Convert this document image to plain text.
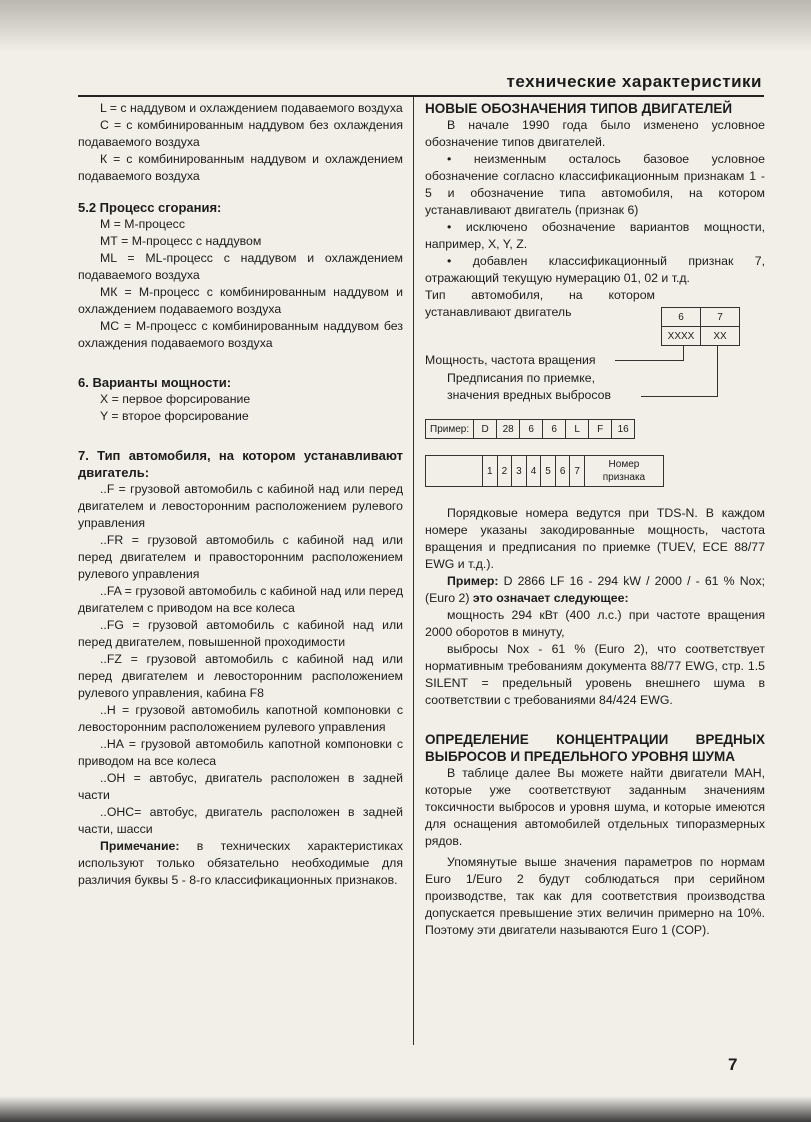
технические характеристики

L = с наддувом и охлаждением подаваемого воздуха

С = с комбинированным наддувом без охлаждения подаваемого воздуха

К = с комбинированным наддувом и охлаждением подаваемого воздуха

5.2 Процесс сгорания:

М = М-процесс

МТ = М-процесс с наддувом

ML = ML-процесс с наддувом и охлаждением подаваемого воздуха

МК = М-процесс с комбинированным наддувом и охлаждением подаваемого воздуха

МС = М-процесс с комбинированным наддувом без охлаждения подаваемого воздуха

6. Варианты мощности:

Х = первое форсирование

Y = второе форсирование

7. Тип автомобиля, на котором устанавливают двигатель:

..F = грузовой автомобиль с кабиной над или перед двигателем и левосторонним расположением рулевого управления

..FR = грузовой автомобиль с кабиной над или перед двигателем и правосторонним расположением рулевого управления

..FA = грузовой автомобиль с кабиной над или перед двигателем с приводом на все колеса

..FG = грузовой автомобиль с кабиной над или перед двигателем, повышенной проходимости

..FZ = грузовой автомобиль с кабиной над или перед двигателем и левосторонним расположением рулевого управления, кабина F8

..Н = грузовой автомобиль капотной компоновки с левосторонним расположением рулевого управления

..НА = грузовой автомобиль капотной компоновки с приводом на все колеса

..ОН = автобус, двигатель расположен в задней части

..ОНС= автобус, двигатель расположен в задней части, шасси

Примечание: в технических характеристиках используют только обязательно необходимые для различия буквы 5 - 8-го классификационных признаков.

НОВЫЕ ОБОЗНАЧЕНИЯ ТИПОВ ДВИГАТЕЛЕЙ

В начале 1990 года было изменено условное обозначение типов двигателей.

• неизменным осталось базовое условное обозначение согласно классификационным признакам 1 - 5 и обозначение типа автомобиля, на котором устанавливают двигатель (признак 6)

• исключено обозначение вариантов мощности, например, X, Y, Z.

• добавлен классификационный признак 7, отражающий текущую нумерацию 01, 02 и т.д.

Тип автомобиля, на котором устанавливают двигатель	6	7
XXXX	XX
Мощность, частота вращения
Предписания по приемке, значения вредных выбросов
Пример:	D	28	6	6	L	F	16
	1	2	3	4	5	6	7	Номер признака

Порядковые номера ведутся при TDS-N. В каждом номере указаны закодированные мощность, частота вращения и предписания по приемке (TUEV, ECE 88/77 EWG и т.д.).

Пример: D 2866 LF 16 - 294 kW / 2000 / - 61 % Nox; (Euro 2) это означает следующее:

мощность 294 кВт (400 л.с.) при частоте вращения 2000 оборотов в минуту,

выбросы Nox - 61 % (Euro 2), что соответствует нормативным требованиям документа 88/77 EWG, стр. 1.5 SILENT = предельный уровень внешнего шума в соответствии с требованиями 84/424 EWG.

ОПРЕДЕЛЕНИЕ КОНЦЕНТРАЦИИ ВРЕДНЫХ ВЫБРОСОВ И ПРЕДЕЛЬНОГО УРОВНЯ ШУМА

В таблице далее Вы можете найти двигатели МАН, которые уже соответствуют заданным значениям токсичности выбросов и уровня шума, и которые имеются для оснащения автомобилей отдельных типоразмерных рядов.

Упомянутые выше значения параметров по нормам Euro 1/Euro 2 будут соблюдаться при серийном производстве, так как для соответствия производства допускается превышение этих величин примерно на 10%. Поэтому эти двигатели называются Euro 1 (COP).

7
